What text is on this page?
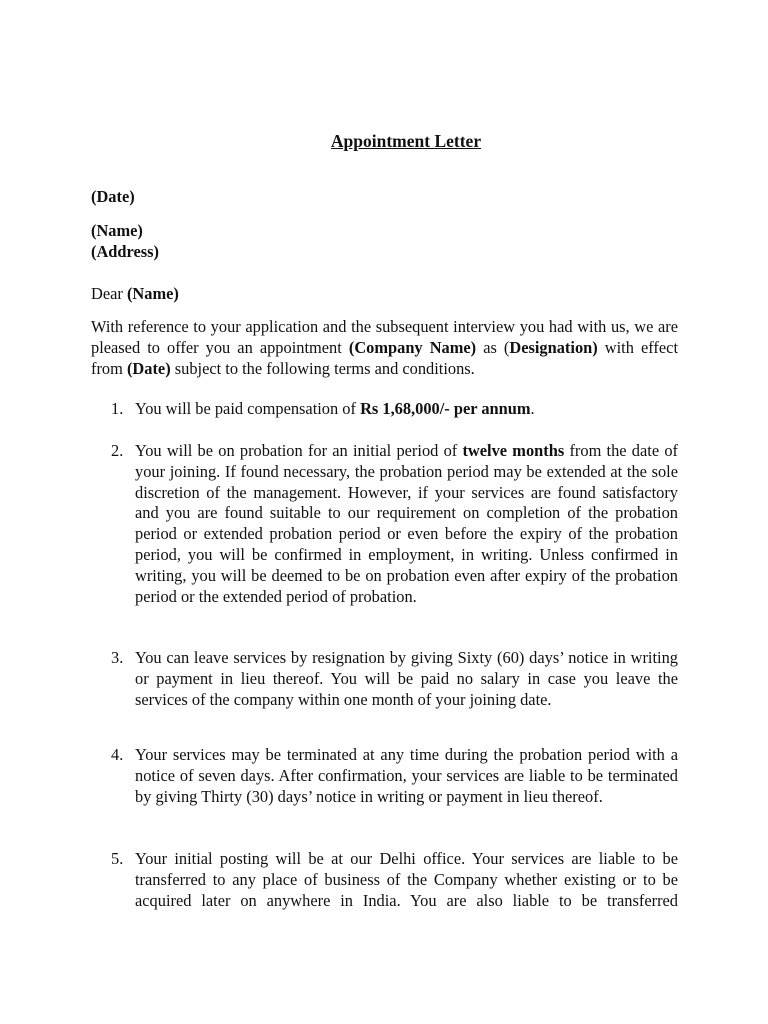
Appointment Letter
(Date)
(Name)
(Address)
Dear (Name)
With reference to your application and the subsequent interview you had with us, we are pleased to offer you an appointment (Company Name) as (Designation) with effect from (Date) subject to the following terms and conditions.
1. You will be paid compensation of Rs 1,68,000/- per annum.
2. You will be on probation for an initial period of twelve months from the date of your joining. If found necessary, the probation period may be extended at the sole discretion of the management. However, if your services are found satisfactory and you are found suitable to our requirement on completion of the probation period or extended probation period or even before the expiry of the probation period, you will be confirmed in employment, in writing. Unless confirmed in writing, you will be deemed to be on probation even after expiry of the probation period or the extended period of probation.
3. You can leave services by resignation by giving Sixty (60) days’ notice in writing or payment in lieu thereof. You will be paid no salary in case you leave the services of the company within one month of your joining date.
4. Your services may be terminated at any time during the probation period with a notice of seven days. After confirmation, your services are liable to be terminated by giving Thirty (30) days’ notice in writing or payment in lieu thereof.
5. Your initial posting will be at our Delhi office. Your services are liable to be transferred to any place of business of the Company whether existing or to be acquired later on anywhere in India. You are also liable to be transferred
